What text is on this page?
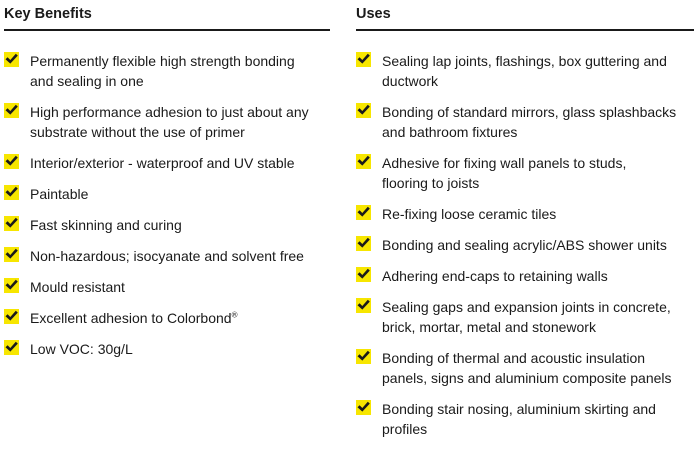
Key Benefits
Permanently flexible high strength bonding
and sealing in one
High performance adhesion to just about any
substrate without the use of primer
Interior/exterior - waterproof and UV stable
Paintable
Fast skinning and curing
Non-hazardous; isocyanate and solvent free
Mould resistant
Excellent adhesion to Colorbond®
Low VOC: 30g/L
Uses
Sealing lap joints, flashings, box guttering and
ductwork
Bonding of standard mirrors, glass splashbacks
and bathroom fixtures
Adhesive for fixing wall panels to studs,
flooring to joists
Re-fixing loose ceramic tiles
Bonding and sealing acrylic/ABS shower units
Adhering end-caps to retaining walls
Sealing gaps and expansion joints in concrete,
brick, mortar, metal and stonework
Bonding of thermal and acoustic insulation
panels, signs and aluminium composite panels
Bonding stair nosing, aluminium skirting and
profiles
